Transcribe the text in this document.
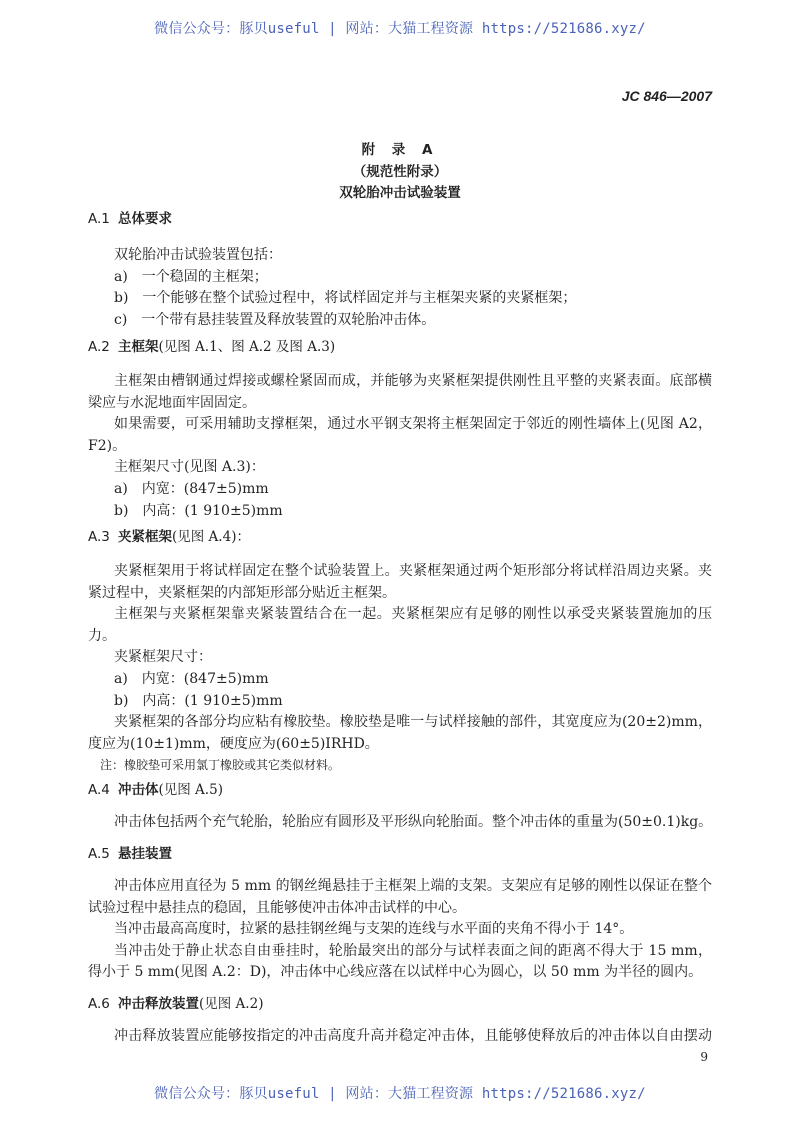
微信公众号：豚贝useful | 网站：大猫工程资源 https://521686.xyz/
JC 846—2007
附 录 A
（规范性附录）
双轮胎冲击试验装置
A.1 总体要求
双轮胎冲击试验装置包括：
a)　一个稳固的主框架；
b)　一个能够在整个试验过程中，将试样固定并与主框架夹紧的夹紧框架；
c)　一个带有悬挂装置及释放装置的双轮胎冲击体。
A.2 主框架(见图 A.1、图 A.2 及图 A.3)
主框架由槽钢通过焊接或螺栓紧固而成，并能够为夹紧框架提供刚性且平整的夹紧表面。底部横
梁应与水泥地面牢固固定。
如果需要，可采用辅助支撑框架，通过水平钢支架将主框架固定于邻近的刚性墙体上(见图 A2，
F2)。
主框架尺寸(见图 A.3)：
a)　内宽：(847±5)mm
b)　内高：(1 910±5)mm
A.3 夹紧框架(见图 A.4)：
夹紧框架用于将试样固定在整个试验装置上。夹紧框架通过两个矩形部分将试样沿周边夹紧。夹
紧过程中，夹紧框架的内部矩形部分贴近主框架。
主框架与夹紧框架靠夹紧装置结合在一起。夹紧框架应有足够的刚性以承受夹紧装置施加的压
力。
夹紧框架尺寸：
a)　内宽：(847±5)mm
b)　内高：(1 910±5)mm
夹紧框架的各部分均应粘有橡胶垫。橡胶垫是唯一与试样接触的部件，其宽度应为(20±2)mm，
度应为(10±1)mm，硬度应为(60±5)IRHD。
注：橡胶垫可采用氯丁橡胶或其它类似材料。
A.4 冲击体(见图 A.5)
冲击体包括两个充气轮胎，轮胎应有圆形及平形纵向轮胎面。整个冲击体的重量为(50±0.1)kg。
A.5 悬挂装置
冲击体应用直径为 5 mm 的钢丝绳悬挂于主框架上端的支架。支架应有足够的刚性以保证在整个
试验过程中悬挂点的稳固，且能够使冲击体冲击试样的中心。
当冲击最高高度时，拉紧的悬挂钢丝绳与支架的连线与水平面的夹角不得小于 14°。
当冲击处于静止状态自由垂挂时，轮胎最突出的部分与试样表面之间的距离不得大于 15 mm，
得小于 5 mm(见图 A.2：D)，冲击体中心线应落在以试样中心为圆心，以 50 mm 为半径的圆内。
A.6 冲击释放装置(见图 A.2)
冲击释放装置应能够按指定的冲击高度升高并稳定冲击体，且能够使释放后的冲击体以自由摆动
9
微信公众号：豚贝useful | 网站：大猫工程资源 https://521686.xyz/
